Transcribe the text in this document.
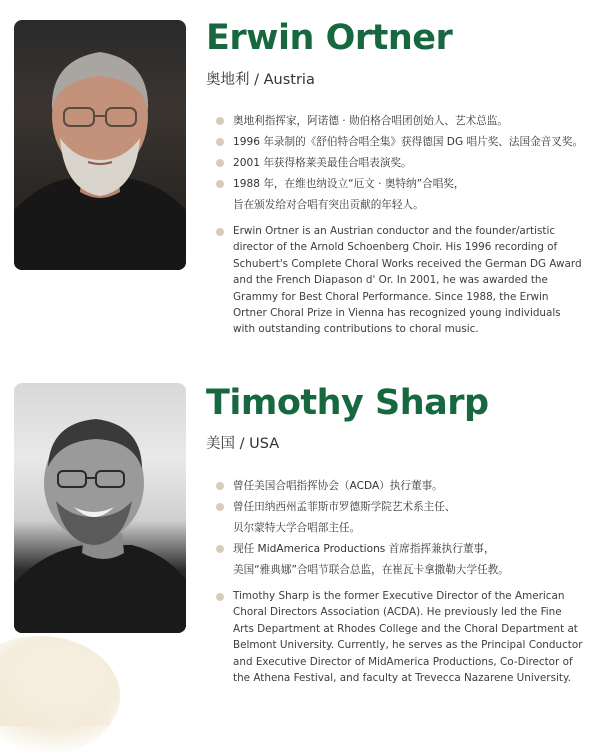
Erwin Ortner
奥地利 / Austria
奥地利指挥家，阿诺德 · 勋伯格合唱团创始人、艺术总监。
1996 年录制的《舒伯特合唱全集》获得德国 DG 唱片奖、法国金音叉奖。
2001 年获得格莱美最佳合唱表演奖。
1988 年，在维也纳设立“厄文 · 奥特纳”合唱奖，
旨在颁发给对合唱有突出贡献的年轻人。

Erwin Ortner is an Austrian conductor and the founder/artistic director of the Arnold Schoenberg Choir. His 1996 recording of Schubert's Complete Choral Works received the German DG Award and the French Diapason d' Or. In 2001, he was awarded the Grammy for Best Choral Performance. Since 1988, the Erwin Ortner Choral Prize in Vienna has recognized young individuals with outstanding contributions to choral music.

Timothy Sharp
美国 / USA
曾任美国合唱指挥协会（ACDA）执行董事。
曾任田纳西州孟菲斯市罗德斯学院艺术系主任、
贝尔蒙特大学合唱部主任。
现任 MidAmerica Productions 首席指挥兼执行董事，
美国“雅典娜”合唱节联合总监，在崔瓦卡拿撒勒大学任教。

Timothy Sharp is the former Executive Director of the American Choral Directors Association (ACDA). He previously led the Fine Arts Department at Rhodes College and the Choral Department at Belmont University. Currently, he serves as the Principal Conductor and Executive Director of MidAmerica Productions, Co-Director of the Athena Festival, and faculty at Trevecca Nazarene University.
